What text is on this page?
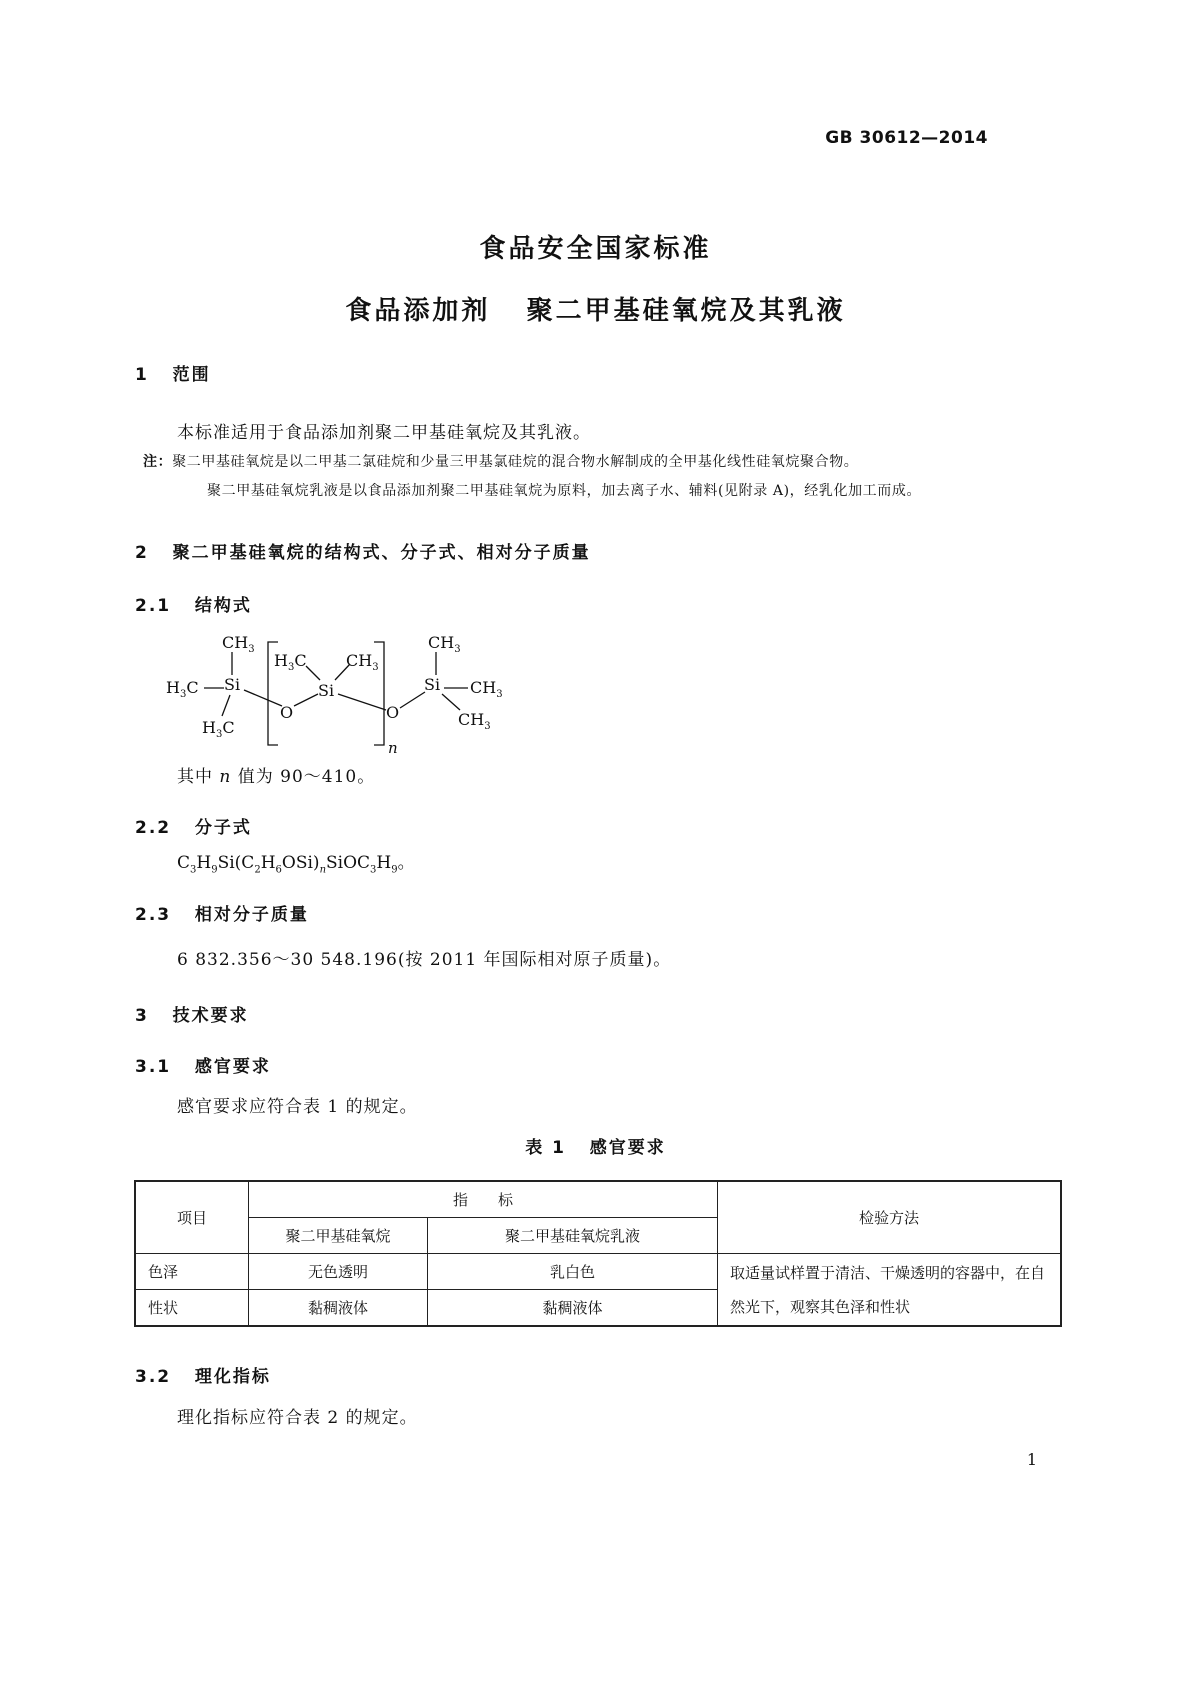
GB 30612—2014
食品安全国家标准
食品添加剂   聚二甲基硅氧烷及其乳液
1   范围
本标准适用于食品添加剂聚二甲基硅氧烷及其乳液。
注：聚二甲基硅氧烷是以二甲基二氯硅烷和少量三甲基氯硅烷的混合物水解制成的全甲基化线性硅氧烷聚合物。
聚二甲基硅氧烷乳液是以食品添加剂聚二甲基硅氧烷为原料，加去离子水、辅料(见附录 A)，经乳化加工而成。
2   聚二甲基硅氧烷的结构式、分子式、相对分子质量
2.1   结构式
$CH_3$
$H_3C$ Si
$H_3C$
$H_3C$ $CH_3$
Si
O	O
n
$CH_3$
Si $CH_3$
$CH_3$
其中 n 值为 90～410。
2.2   分子式
$C_3H_9Si(C_2H_6OSi)_nSiOC_3H_9$。
2.3   相对分子质量
6 832.356～30 548.196(按 2011 年国际相对原子质量)。
3   技术要求
3.1   感官要求
感官要求应符合表 1 的规定。
表 1   感官要求
项目	指　　标		检验方法
	聚二甲基硅氧烷	聚二甲基硅氧烷乳液	
色泽	无色透明	乳白色	取适量试样置于清洁、干燥透明的容器中，在自然光下，观察其色泽和性状
性状	黏稠液体	黏稠液体	
3.2   理化指标
理化指标应符合表 2 的规定。
1
